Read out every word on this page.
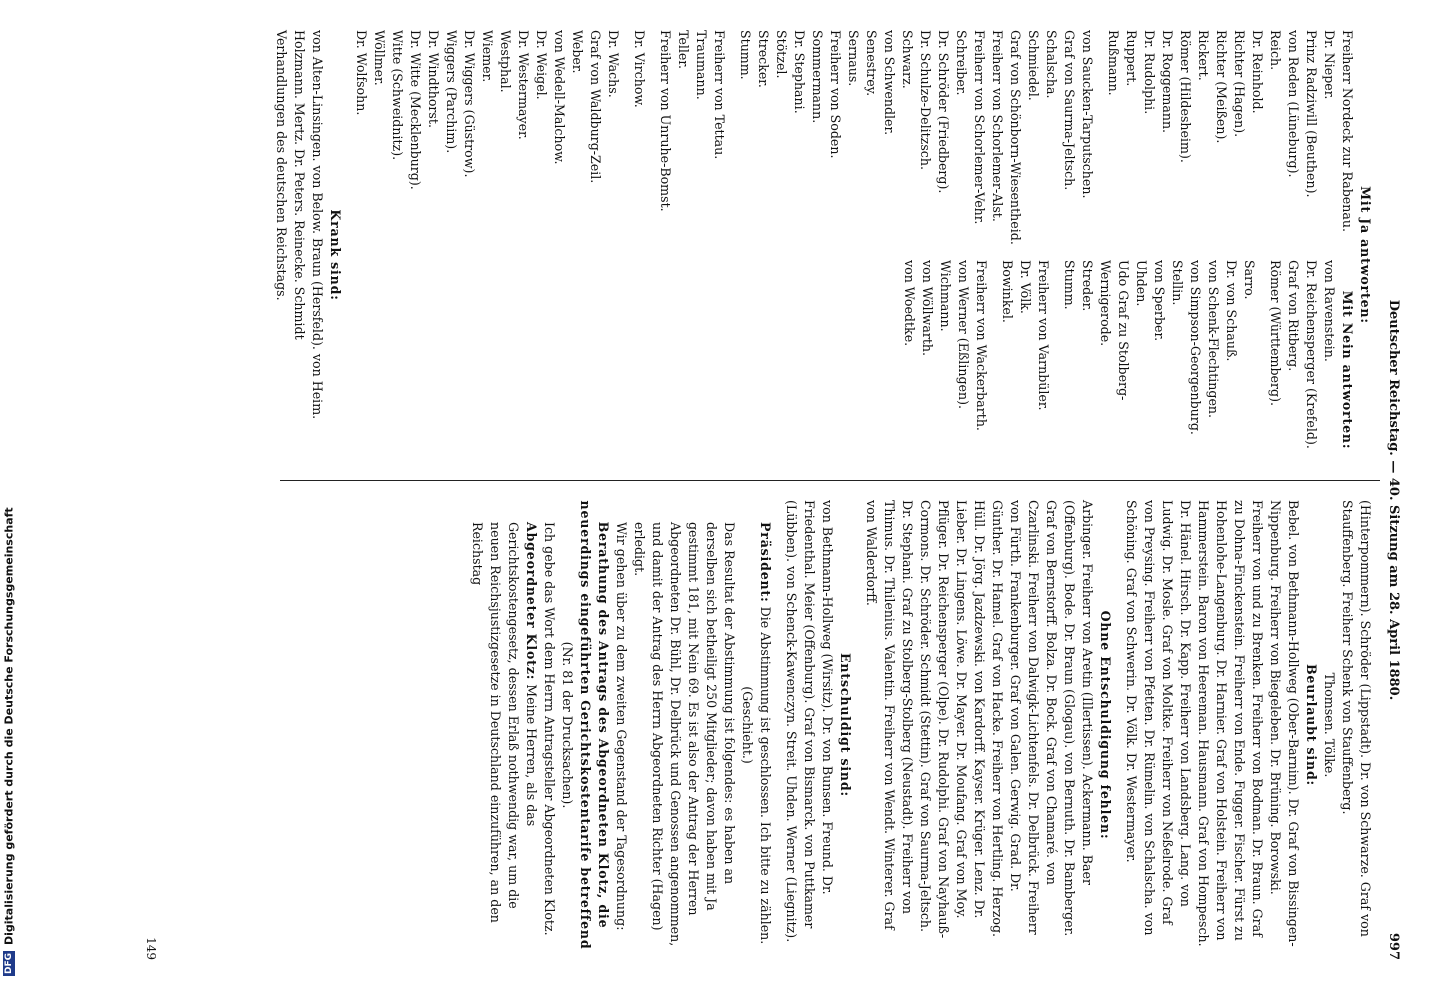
Deutscher Reichstag. — 40. Sitzung am 28. April 1880.
997

Mit Ja antworten:

Freiherr Nordeck zur Rabenau.
Dr. Nieper.
Prinz Radziwill (Beuthen).
von Reden (Lüneburg).
Reich.
Dr. Reinhold.
Richter (Hagen).
Richter (Meißen).
Rickert.
Römer (Hildesheim).
Dr. Roggemann.
Dr. Rudolphi.
Ruppert.
Rußmann.
von Saucken-Tarputschen.
Graf von Saurma-Jeltsch.
Schalscha.
Schmiedel.
Graf von Schönborn-Wiesentheid.
Freiherr von Schorlemer-Alst.
Freiherr von Schorlemer-Vehr.
Schreiber.
Dr. Schröder (Friedberg).
Dr. Schulze-Delitzsch.
Schwarz.
von Schwendler.
Senestrey.
Sernaus.
Freiherr von Soden.
Sommermann.
Dr. Stephani.
Stötzel.
Strecker.
Stumm.
Freiherr von Tettau.
Traumann.
Teller.
Freiherr von Unruhe-Bomst.
Dr. Virchow.
Dr. Wachs.
Graf von Waldburg-Zeil.
Weber.
von Wedell-Malchow.
Dr. Weigel.
Dr. Westermayer.
Westphal.
Wiemer.
Dr. Wiggers (Güstrow).
Wiggers (Parchim).
Dr. Windthorst.
Dr. Witte (Mecklenburg).
Witte (Schweidnitz).
Wöllmer.
Dr. Wolfsohn.

Mit Nein antworten:

von Ravenstein.
Dr. Reichensperger (Krefeld).
Graf von Ritberg.
Römer (Württemberg).
Sarro.
Dr. von Schauß.
von Schenk-Flechtingen.
von Simpson-Georgenburg.
Stellin.
von Sperber.
Uhden.
Udo Graf zu Stolberg-Wernigerode.
Streder.
Stumm.
Freiherr von Varnbüler.
Dr. Völk.
Bowinkel.
Freiherr von Wackerbarth.
von Werner (Eßlingen).
Wichmann.
von Wöllwarth.
von Woedtke.

Krank sind:

von Alten-Linsingen. von Below. Braun (Hersfeld). von Heim. Holzmann. Mertz. Dr. Peters. Reinecke. Schmidt

Verhandlungen des deutschen Reichstags.

(Hinterpommern). Schröder (Lippstadt). Dr. von Schwarze. Graf von Stauffenberg. Freiherr Schenk von Stauffenberg.

Thomsen. Tölke.

Beurlaubt sind:

Bebel. von Bethmann-Hollweg (Ober-Barnim). Dr. Graf von Bissingen-Nippenburg. Freiherr von Biegeleben. Dr. Brüning. Borowski. Freiherr von und zu Brenken. Freiherr von Bodman. Dr. Braun. Graf zu Dohna-Finckenstein. Freiherr von Ende. Fugger. Fischer. Fürst zu Hohenlohe-Langenburg. Dr. Harnier. Graf von Holstein. Freiherr von Hammerstein. Baron von Heereman. Hausmann. Graf von Hompesch. Dr. Hänel. Hirsch. Dr. Kapp. Freiherr von Landsberg. Lang. von Ludwig. Dr. Mosle. Graf von Moltke. Freiherr von Neßelrode. Graf von Preysing. Freiherr von Pfetten. Dr. Rümelin. von Schalscha. von Schöning. Graf von Schwerin. Dr. Völk. Dr. Westermayer.

Ohne Entschuldigung fehlen:

Arbinger. Freiherr von Aretin (Illertissen). Ackermann. Baer (Offenburg). Bode. Dr. Braun (Glogau). von Bernuth. Dr. Bamberger. Graf von Bernstorff. Bolza. Dr. Bock. Graf von Chamaré. von Czarlinski. Freiherr von Dalwigk-Lichtenfels. Dr. Delbrück. Freiherr von Fürth. Frankenburger. Graf von Galen. Gerwig. Grad. Dr. Günther. Dr. Hamel. Graf von Hacke. Freiherr von Hertling. Herzog. Hüll. Dr. Jörg. Jazdzewski. von Kardorff. Kayser. Krüger. Lenz. Dr. Lieber. Dr. Lingens. Löwe. Dr. Mayer. Dr. Moufang. Graf von Moy. Pflüger. Dr. Reichensperger (Olpe). Dr. Rudolphi. Graf von Nayhauß-Cormons. Dr. Schröder. Schmidt (Stettin). Graf von Saurma-Jeltsch. Dr. Stephani. Graf zu Stolberg-Stolberg (Neustadt). Freiherr von Thimus. Dr. Thilenius. Valentin. Freiherr von Wendt. Winterer. Graf von Walderdorff.

Entschuldigt sind:

von Bethmann-Hollweg (Wirsitz). Dr. von Bunsen. Freund. Dr. Friedenthal. Meier (Offenburg). Graf von Bismarck. von Puttkamer (Lübben). von Schenck-Kawenczyn. Streit. Uhden. Werner (Liegnitz).

Präsident: Die Abstimmung ist geschlossen. Ich bitte zu zählen.

(Geschieht.)

Das Resultat der Abstimmung ist folgendes: es haben an derselben sich betheiligt 250 Mitglieder; davon haben mit Ja gestimmt 181, mit Nein 69. Es ist also der Antrag der Herren Abgeordneten Dr. Bühl, Dr. Delbrück und Genossen angenommen, und damit der Antrag des Herrn Abgeordneten Richter (Hagen) erledigt.

Wir gehen über zu dem zweiten Gegenstand der Tagesordnung:

Berathung des Antrags des Abgeordneten Klotz, die neuerdings eingeführten Gerichtskostentarife betreffend

(Nr. 81 der Drucksachen).

Ich gebe das Wort dem Herrn Antragsteller Abgeordneten Klotz.

Abgeordneter Klotz: Meine Herren, als das Gerichtskostengesetz, dessen Erlaß nothwendig war, um die neuen Reichsjustizgesetze in Deutschland einzuführen, an den Reichstag

149
DFG
Digitalisierung gefördert durch die Deutsche Forschungsgemeinschaft
